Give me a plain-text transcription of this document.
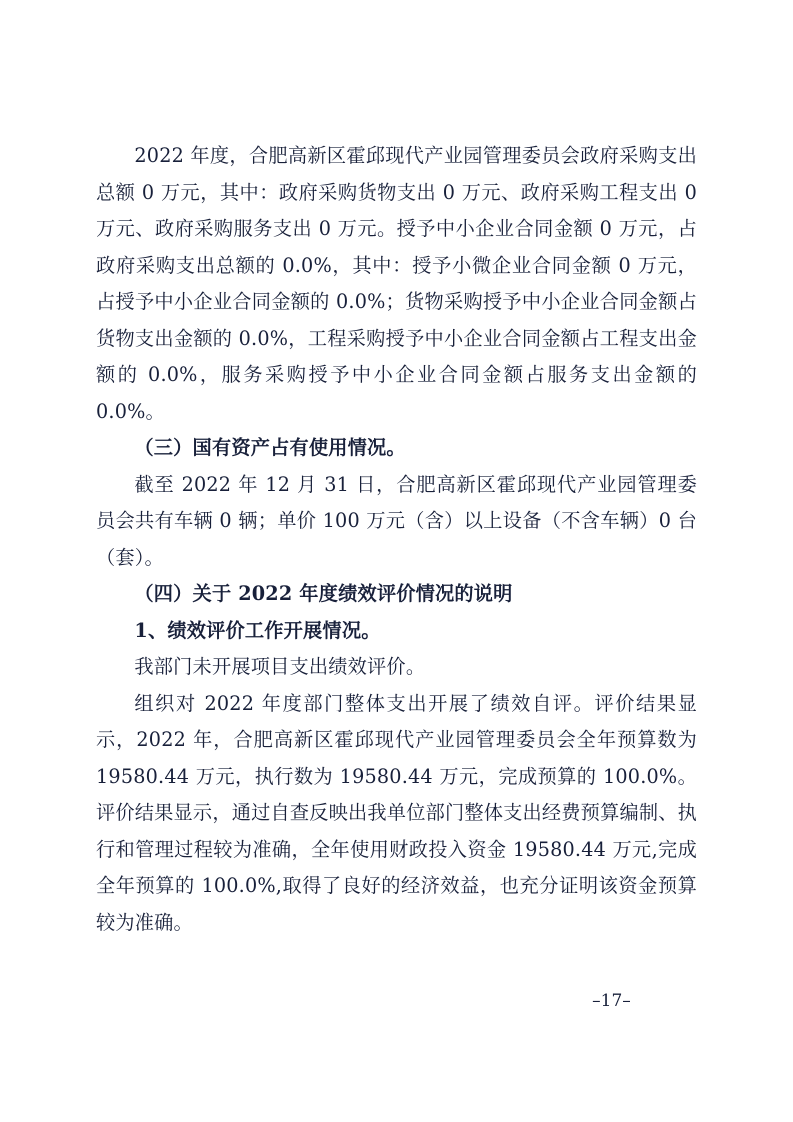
2022 年度，合肥高新区霍邱现代产业园管理委员会政府采购支出总额 0 万元，其中：政府采购货物支出 0 万元、政府采购工程支出 0 万元、政府采购服务支出 0 万元。授予中小企业合同金额 0 万元，占政府采购支出总额的 0.0%，其中：授予小微企业合同金额 0 万元，占授予中小企业合同金额的 0.0%；货物采购授予中小企业合同金额占货物支出金额的 0.0%，工程采购授予中小企业合同金额占工程支出金额的 0.0%，服务采购授予中小企业合同金额占服务支出金额的 0.0%。

（三）国有资产占有使用情况。

截至 2022 年 12 月 31 日，合肥高新区霍邱现代产业园管理委员会共有车辆 0 辆；单价 100 万元（含）以上设备（不含车辆）0 台（套）。

（四）关于 2022 年度绩效评价情况的说明

1、绩效评价工作开展情况。

我部门未开展项目支出绩效评价。

组织对 2022 年度部门整体支出开展了绩效自评。评价结果显示，2022 年，合肥高新区霍邱现代产业园管理委员会全年预算数为 19580.44 万元，执行数为 19580.44 万元，完成预算的 100.0%。评价结果显示，通过自查反映出我单位部门整体支出经费预算编制、执行和管理过程较为准确，全年使用财政投入资金 19580.44 万元,完成全年预算的 100.0%,取得了良好的经济效益，也充分证明该资金预算较为准确。

–17–
